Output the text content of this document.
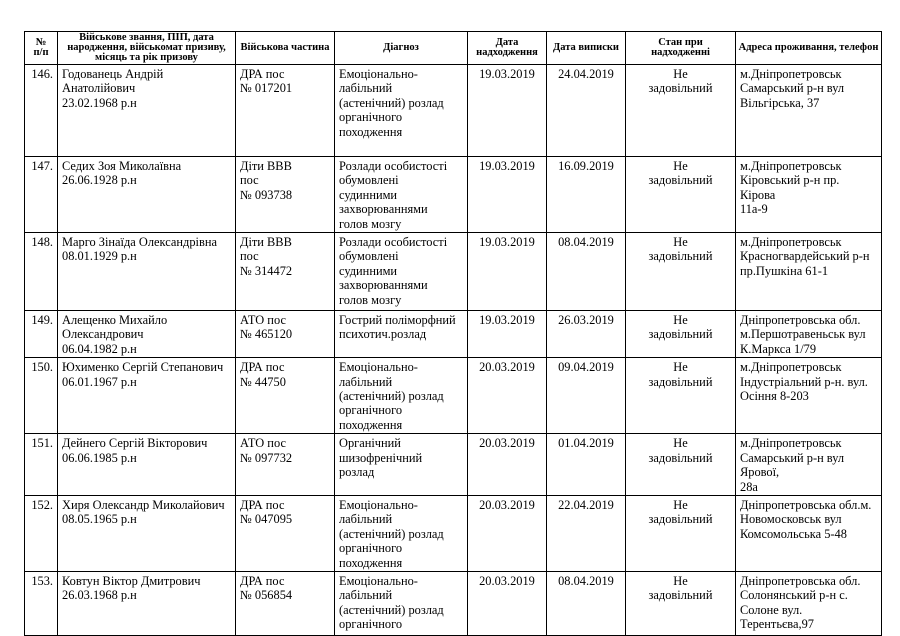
№
п/п	Військове звання, ПІП, дата народження, військомат призиву, місяць та рік призову	Військова частина	Діагноз	Дата надходження	Дата виписки	Стан при надходженні	Адреса проживання, телефон
146.	Годованець Андрій Анатолійович
23.02.1968 р.н	ДРА пос
№ 017201	Емоціонально-
лабільний
(астенічний) розлад
органічного
походження	19.03.2019	24.04.2019	Не
задовільний	м.Дніпропетровськ
Самарський р-н вул
Вільгірська, 37
147.	Седих Зоя Миколаївна
26.06.1928 р.н	Діти ВВВ
пос
№ 093738	Розлади особистості
обумовлені
судинними
захворюваннями
голов мозгу	19.03.2019	16.09.2019	Не
задовільний	м.Дніпропетровськ
Кіровський р-н пр. Кірова
11а-9
148.	Марго Зінаїда Олександрівна
08.01.1929 р.н	Діти ВВВ
пос
№ 314472	Розлади особистості
обумовлені
судинними
захворюваннями
голов мозгу	19.03.2019	08.04.2019	Не
задовільний	м.Дніпропетровськ
Красногвардейський р-н
пр.Пушкіна 61-1
149.	Алещенко Михайло
Олександрович
06.04.1982 р.н	АТО пос
№ 465120	Гострий поліморфний
психотич.розлад	19.03.2019	26.03.2019	Не
задовільний	Дніпропетровська обл.
м.Першотравеньськ вул
К.Маркса 1/79
150.	Юхименко Сергій Степанович
06.01.1967 р.н	ДРА пос
№ 44750	Емоціонально-
лабільний
(астенічний) розлад
органічного
походження	20.03.2019	09.04.2019	Не
задовільний	м.Дніпропетровськ
Індустріальний р-н. вул.
Осіння 8-203
151.	Дейнего Сергій Вікторович
06.06.1985 р.н	АТО пос
№ 097732	Органічний
шизофренічний
розлад	20.03.2019	01.04.2019	Не
задовільний	м.Дніпропетровськ
Самарський р-н вул Ярової,
28а
152.	Хиря Олександр Миколайович
08.05.1965 р.н	ДРА пос
№ 047095	Емоціонально-
лабільний
(астенічний) розлад
органічного
походження	20.03.2019	22.04.2019	Не
задовільний	Дніпропетровська обл.м.
Новомосковськ вул
Комсомольська 5-48
153.	Ковтун Віктор Дмитрович
26.03.1968 р.н	ДРА пос
№ 056854	Емоціонально-
лабільний
(астенічний) розлад
органічного	20.03.2019	08.04.2019	Не
задовільний	Дніпропетровська обл.
Солонянський р-н с.
Солоне вул. Терентьєва,97
